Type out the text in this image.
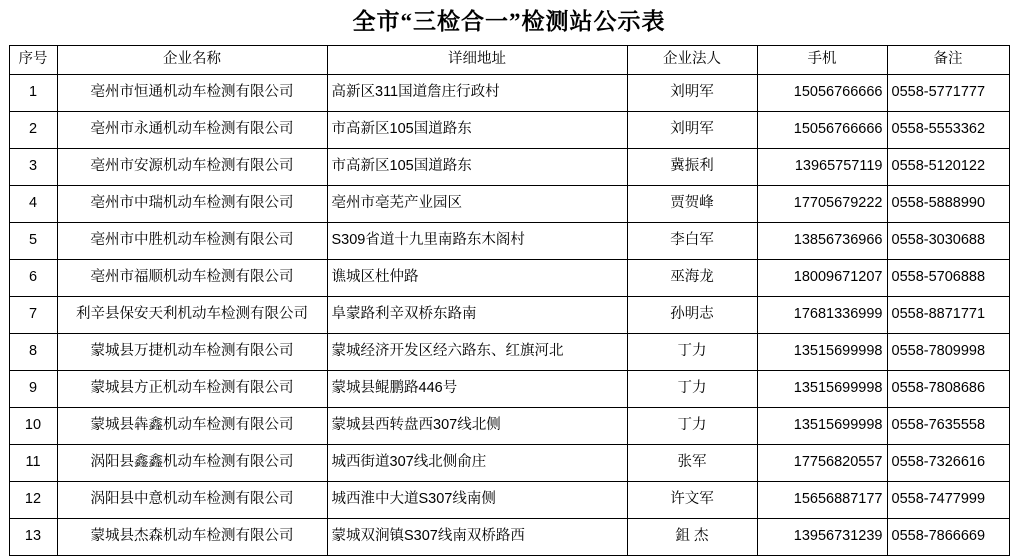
全市“三检合一”检测站公示表
序号	企业名称	详细地址	企业法人	手机	备注
1	亳州市恒通机动车检测有限公司	高新区311国道詹庄行政村	刘明军	15056766666	0558-5771777
2	亳州市永通机动车检测有限公司	市高新区105国道路东	刘明军	15056766666	0558-5553362
3	亳州市安源机动车检测有限公司	市高新区105国道路东	冀振利	13965757119	0558-5120122
4	亳州市中瑞机动车检测有限公司	亳州市亳芜产业园区	贾贺峰	17705679222	0558-5888990
5	亳州市中胜机动车检测有限公司	S309省道十九里南路东木阁村	李白军	13856736966	0558-3030688
6	亳州市福顺机动车检测有限公司	谯城区杜仲路	巫海龙	18009671207	0558-5706888
7	利辛县保安天利机动车检测有限公司	阜蒙路利辛双桥东路南	孙明志	17681336999	0558-8871771
8	蒙城县万捷机动车检测有限公司	蒙城经济开发区经六路东、红旗河北	丁力	13515699998	0558-7809998
9	蒙城县方正机动车检测有限公司	蒙城县鲲鹏路446号	丁力	13515699998	0558-7808686
10	蒙城县犇鑫机动车检测有限公司	蒙城县西转盘西307线北侧	丁力	13515699998	0558-7635558
11	涡阳县鑫鑫机动车检测有限公司	城西街道307线北侧俞庄	张军	17756820557	0558-7326616
12	涡阳县中意机动车检测有限公司	城西淮中大道S307线南侧	许文军	15656887177	0558-7477999
13	蒙城县杰森机动车检测有限公司	蒙城双涧镇S307线南双桥路西	鉏 杰	13956731239	0558-7866669
